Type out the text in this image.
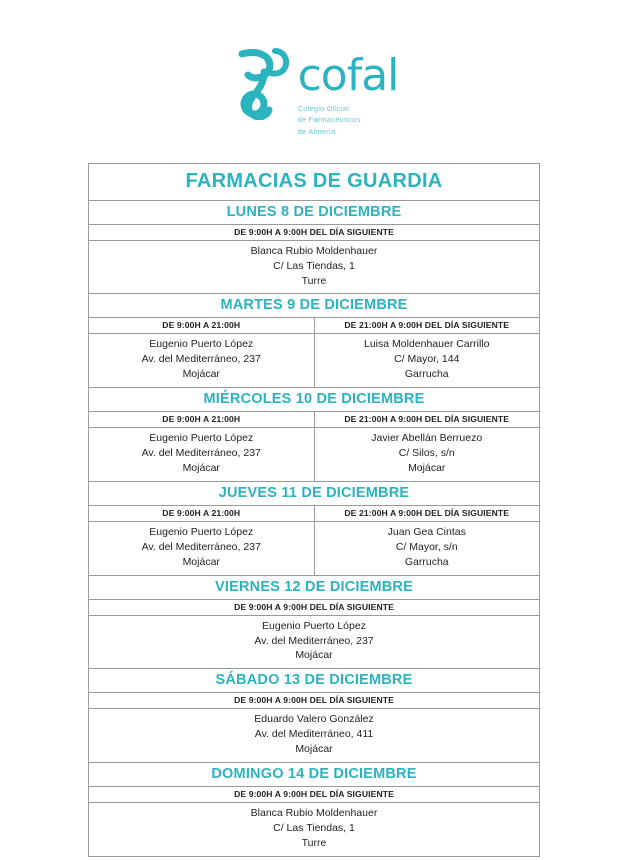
cofal
Colegio Oficial
de Farmacéuticos
de Almería
FARMACIAS DE GUARDIA	
LUNES 8 DE DICIEMBRE	
DE 9:00H A 9:00H DEL DÍA SIGUIENTE	

Blanca Rubio Moldenhauer
C/ Las Tiendas, 1
Turre	

MARTES 9 DE DICIEMBRE	
DE 9:00H A 21:00H	DE 21:00H A 9:00H DEL DÍA SIGUIENTE

Eugenio Puerto López
Av. del Mediterráneo, 237
Mojácar

Luisa Moldenhauer Carrillo
C/ Mayor, 144
Garrucha

MIÉRCOLES 10 DE DICIEMBRE	
DE 9:00H A 21:00H	DE 21:00H A 9:00H DEL DÍA SIGUIENTE

Eugenio Puerto López
Av. del Mediterráneo, 237
Mojácar

Javier Abellán Berruezo
C/ Silos, s/n
Mojácar

JUEVES 11 DE DICIEMBRE	
DE 9:00H A 21:00H	DE 21:00H A 9:00H DEL DÍA SIGUIENTE

Eugenio Puerto López
Av. del Mediterráneo, 237
Mojácar

Juan Gea Cintas
C/ Mayor, s/n
Garrucha

VIERNES 12 DE DICIEMBRE	
DE 9:00H A 9:00H DEL DÍA SIGUIENTE	

Eugenio Puerto López
Av. del Mediterráneo, 237
Mojácar	

SÁBADO 13 DE DICIEMBRE	
DE 9:00H A 9:00H DEL DÍA SIGUIENTE	

Eduardo Valero González
Av. del Mediterráneo, 411
Mojácar	

DOMINGO 14 DE DICIEMBRE	
DE 9:00H A 9:00H DEL DÍA SIGUIENTE	

Blanca Rubio Moldenhauer
C/ Las Tiendas, 1
Turre	
